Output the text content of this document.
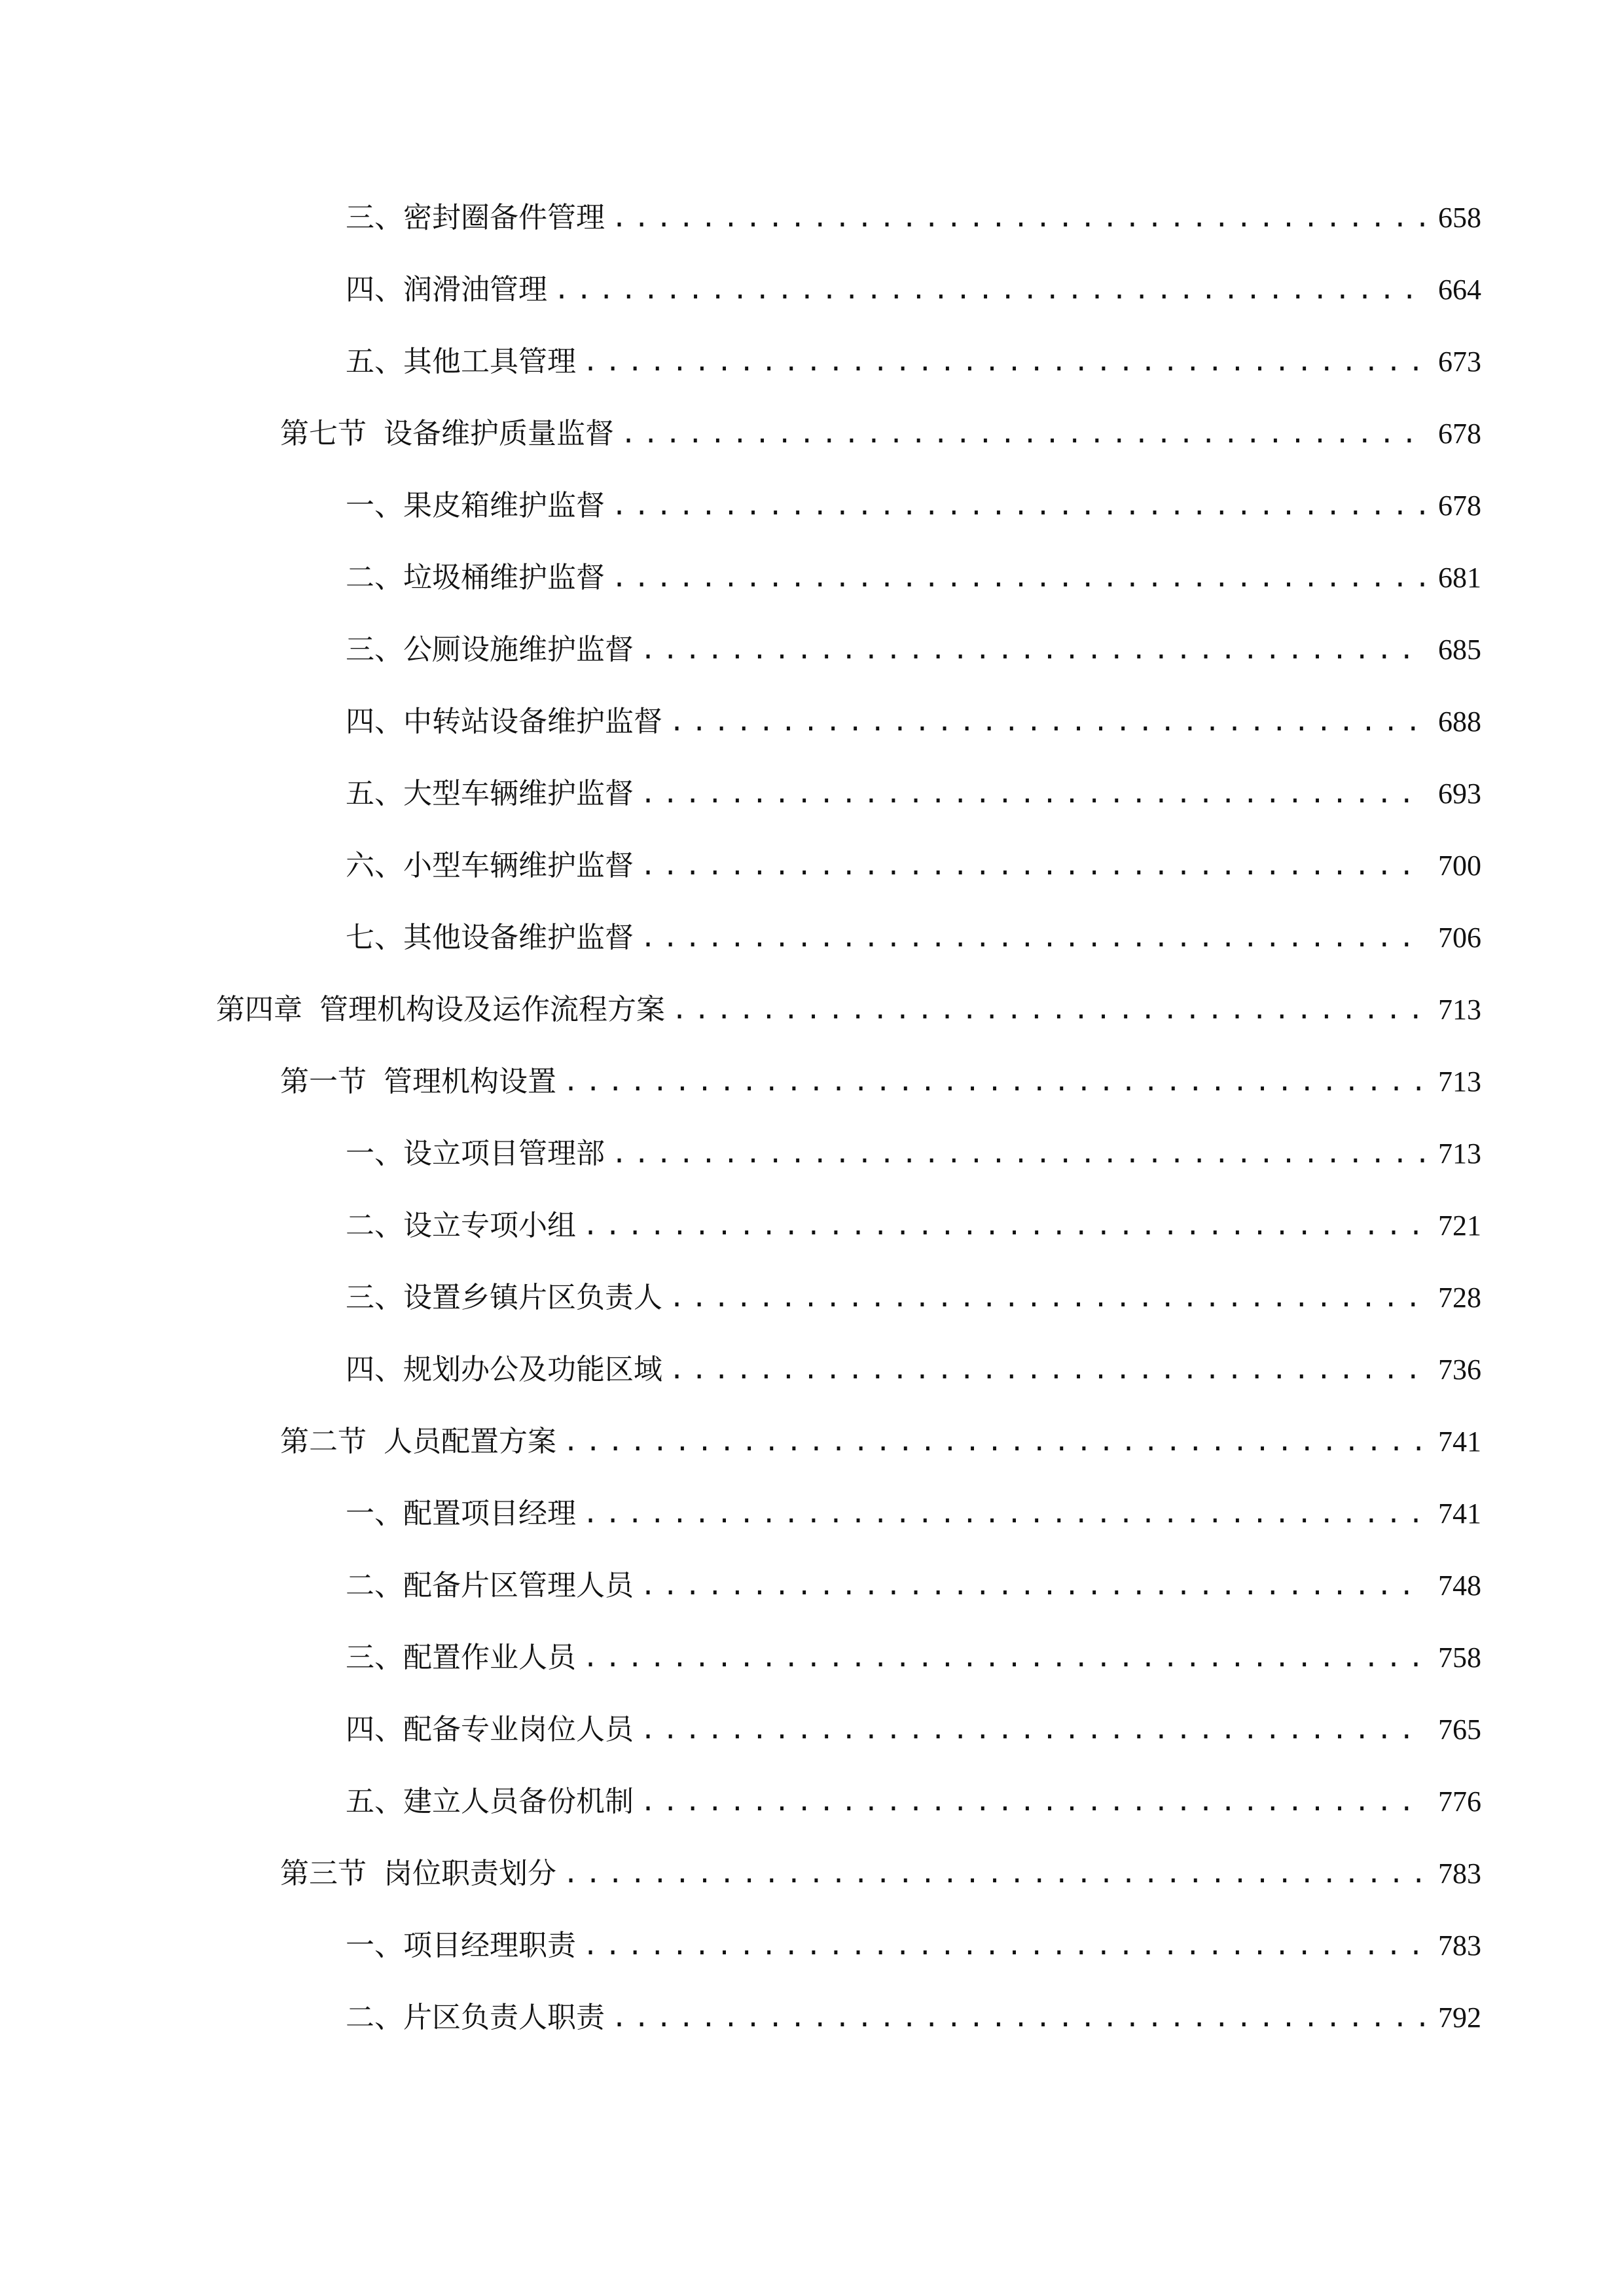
三、 密封圈备件管理 .....	658
四、 润滑油管理 .....	664
五、 其他工具管理 .....	673
第七节 设备维护质量监督 .....	678
一、 果皮箱维护监督 .....	678
二、 垃圾桶维护监督 .....	681
三、 公厕设施维护监督 .....	685
四、 中转站设备维护监督 .....	688
五、 大型车辆维护监督 .....	693
六、 小型车辆维护监督 .....	700
七、 其他设备维护监督 .....	706
第四章 管理机构设及运作流程方案 .....	713
第一节 管理机构设置 .....	713
一、 设立项目管理部 .....	713
二、 设立专项小组 .....	721
三、 设置乡镇片区负责人 .....	728
四、 规划办公及功能区域 .....	736
第二节 人员配置方案 .....	741
一、 配置项目经理 .....	741
二、 配备片区管理人员 .....	748
三、 配置作业人员 .....	758
四、 配备专业岗位人员 .....	765
五、 建立人员备份机制 .....	776
第三节 岗位职责划分 .....	783
一、 项目经理职责 .....	783
二、 片区负责人职责 .....	792
